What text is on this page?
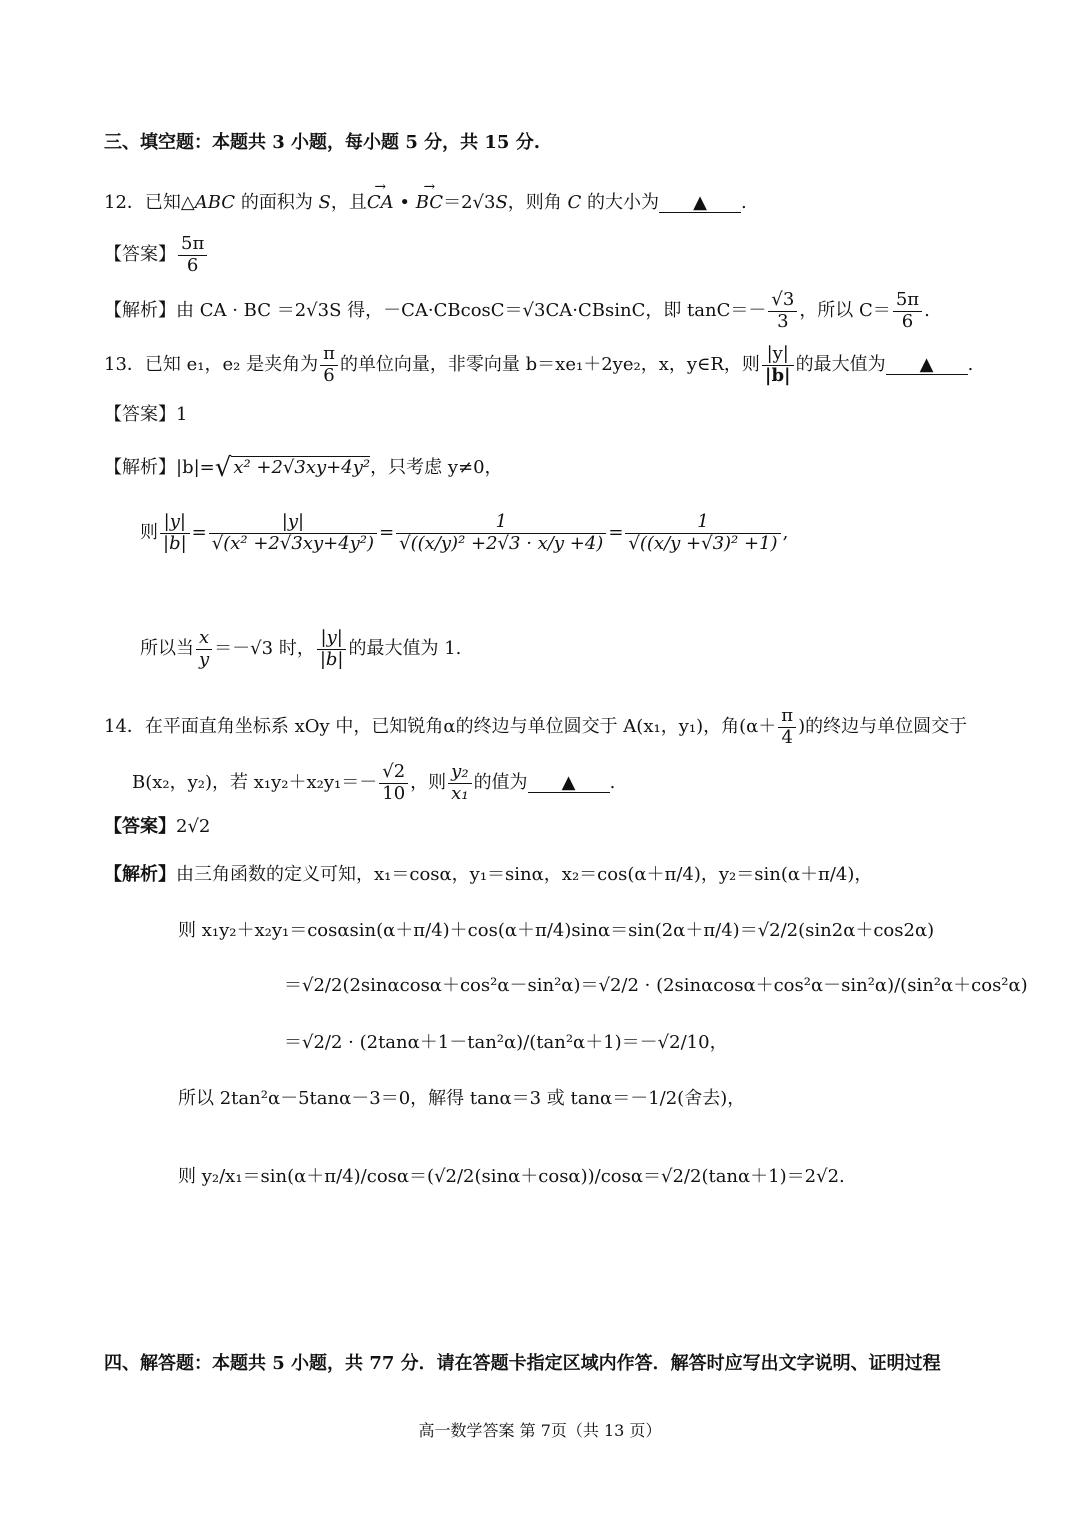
三、填空题：本题共 3 小题，每小题 5 分，共 15 分.
12．已知△ABC 的面积为 S，且→ CA • → BC＝2√3S，则角 C 的大小为 ▲ .
【答案】 $\frac{5\pi}{6}$
【解析】由 CA · BC ＝2√3S 得，－CA·CBcosC＝√3CA·CBsinC，即 $\tan C=- \frac{√3}{3}$ ，所以 $C= \frac{5\pi}{6}$ .
13．已知 e₁，e₂ 是夹角为 $\frac{\pi}{6}$ 的单位向量，非零向量 b＝xe₁＋2ye₂，x，y∈R，则 $\frac{|y|}{|b|}$ 的最大值为 ▲ .
【答案】1
【解析】|b|=√ x² +2√3xy+4y²，只考虑 y≠0，
则 $\frac{|y|}{|b|} = \frac{|y|}{\text{√(x² +2√3xy+4y²)}} = \frac{1}{\text{√((x/y)² +2√3 · x/y +4)}} = \frac{1}{\text{√((x/y +√3)² +1)}}$ ,
所以当 $\frac{x}{y} =-√3$ 时， $\frac{|y|}{|b|}$ 的最大值为 1.
14．在平面直角坐标系 xOy 中，已知锐角α的终边与单位圆交于 A(x₁，y₁)，角($\alpha+ \frac{\pi}{4}$ )的终边与单位圆交于
B(x₂，y₂)，若 $x_1y_2+x_2y_1=- \frac{√2}{10}$ ，则 $\frac{\text{y₂}}{\text{x₁}}$ 的值为 ▲ .
【答案】2√2
【解析】由三角函数的定义可知，x₁＝cosα，y₁＝sinα，x₂＝cos(α＋π/4)，y₂＝sin(α＋π/4)，
则 x₁y₂＋x₂y₁＝cosαsin(α＋π/4)＋cos(α＋π/4)sinα＝sin(2α＋π/4)＝√2/2(sin2α＋cos2α)
＝√2/2(2sinαcosα＋cos²α－sin²α)＝√2/2 · (2sinαcosα＋cos²α－sin²α)/(sin²α＋cos²α)
＝√2/2 · (2tanα＋1－tan²α)/(tan²α＋1)＝－√2/10，
所以 2tan²α－5tanα－3＝0，解得 tanα＝3 或 tanα＝－1/2(舍去)，
则 y₂/x₁＝sin(α＋π/4)/cosα＝(√2/2(sinα＋cosα))/cosα＝√2/2(tanα＋1)＝2√2.
四、解答题：本题共 5 小题，共 77 分．请在答题卡指定区域内作答．解答时应写出文字说明、证明过程
高一数学答案 第 7页（共 13 页）
